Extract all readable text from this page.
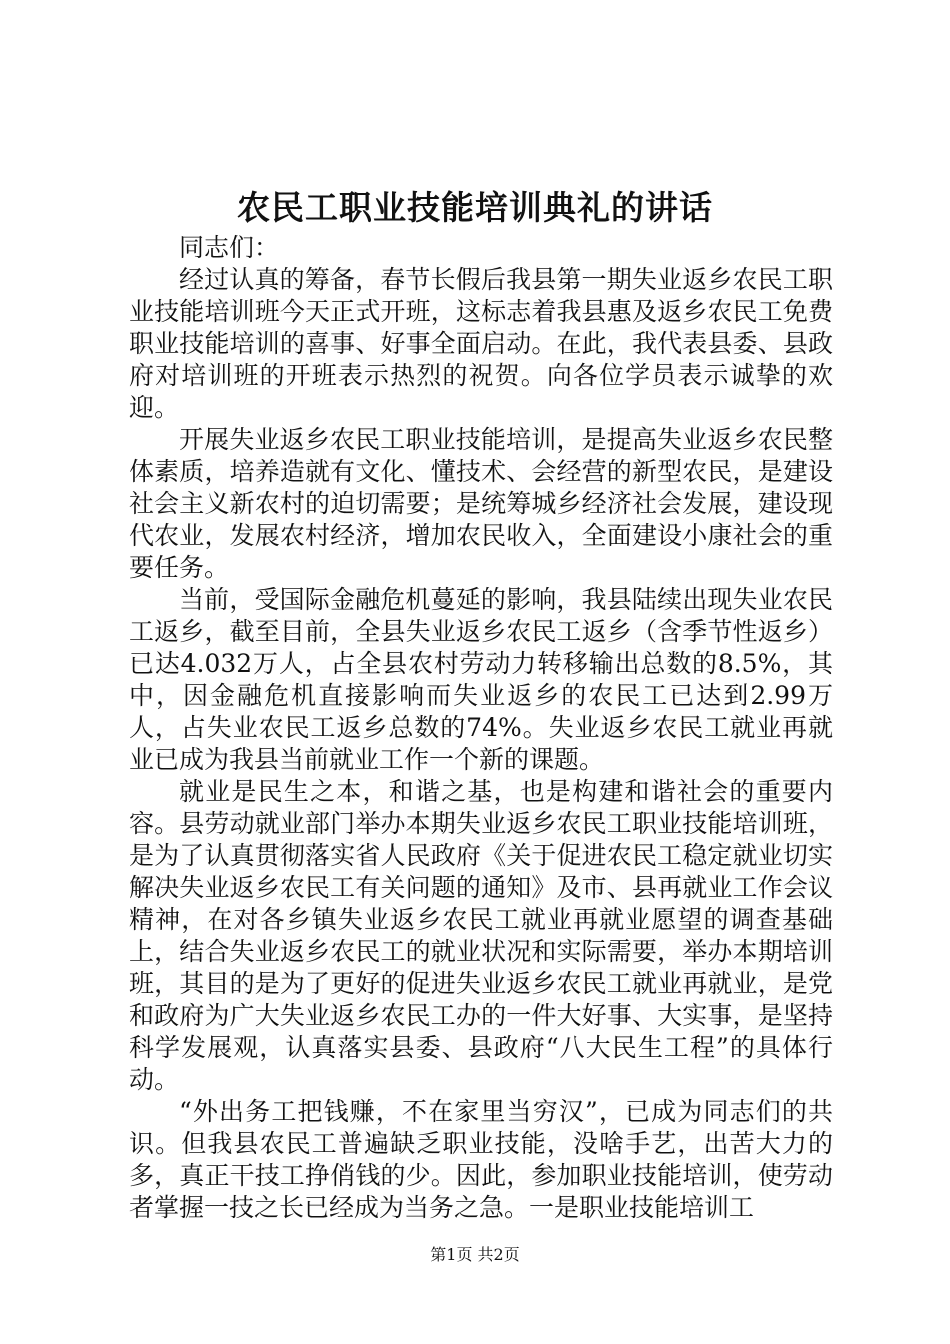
农民工职业技能培训典礼的讲话

同志们：

经过认真的筹备，春节长假后我县第一期失业返乡农民工职业技能培训班今天正式开班，这标志着我县惠及返乡农民工免费职业技能培训的喜事、好事全面启动。在此，我代表县委、县政府对培训班的开班表示热烈的祝贺。向各位学员表示诚挚的欢迎。

开展失业返乡农民工职业技能培训，是提高失业返乡农民整体素质，培养造就有文化、懂技术、会经营的新型农民，是建设社会主义新农村的迫切需要；是统筹城乡经济社会发展，建设现代农业，发展农村经济，增加农民收入，全面建设小康社会的重要任务。

当前，受国际金融危机蔓延的影响，我县陆续出现失业农民工返乡，截至目前，全县失业返乡农民工返乡（含季节性返乡）已达4.032万人，占全县农村劳动力转移输出总数的8.5%，其中，因金融危机直接影响而失业返乡的农民工已达到2.99万人，占失业农民工返乡总数的74%。失业返乡农民工就业再就业已成为我县当前就业工作一个新的课题。

就业是民生之本，和谐之基，也是构建和谐社会的重要内容。县劳动就业部门举办本期失业返乡农民工职业技能培训班，是为了认真贯彻落实省人民政府《关于促进农民工稳定就业切实解决失业返乡农民工有关问题的通知》及市、县再就业工作会议精神，在对各乡镇失业返乡农民工就业再就业愿望的调查基础上，结合失业返乡农民工的就业状况和实际需要，举办本期培训班，其目的是为了更好的促进失业返乡农民工就业再就业，是党和政府为广大失业返乡农民工办的一件大好事、大实事，是坚持科学发展观，认真落实县委、县政府“八大民生工程”的具体行动。

“外出务工把钱赚，不在家里当穷汉”，已成为同志们的共识。但我县农民工普遍缺乏职业技能，没啥手艺，出苦大力的多，真正干技工挣俏钱的少。因此，参加职业技能培训，使劳动者掌握一技之长已经成为当务之急。一是职业技能培训工

第1页 共2页
